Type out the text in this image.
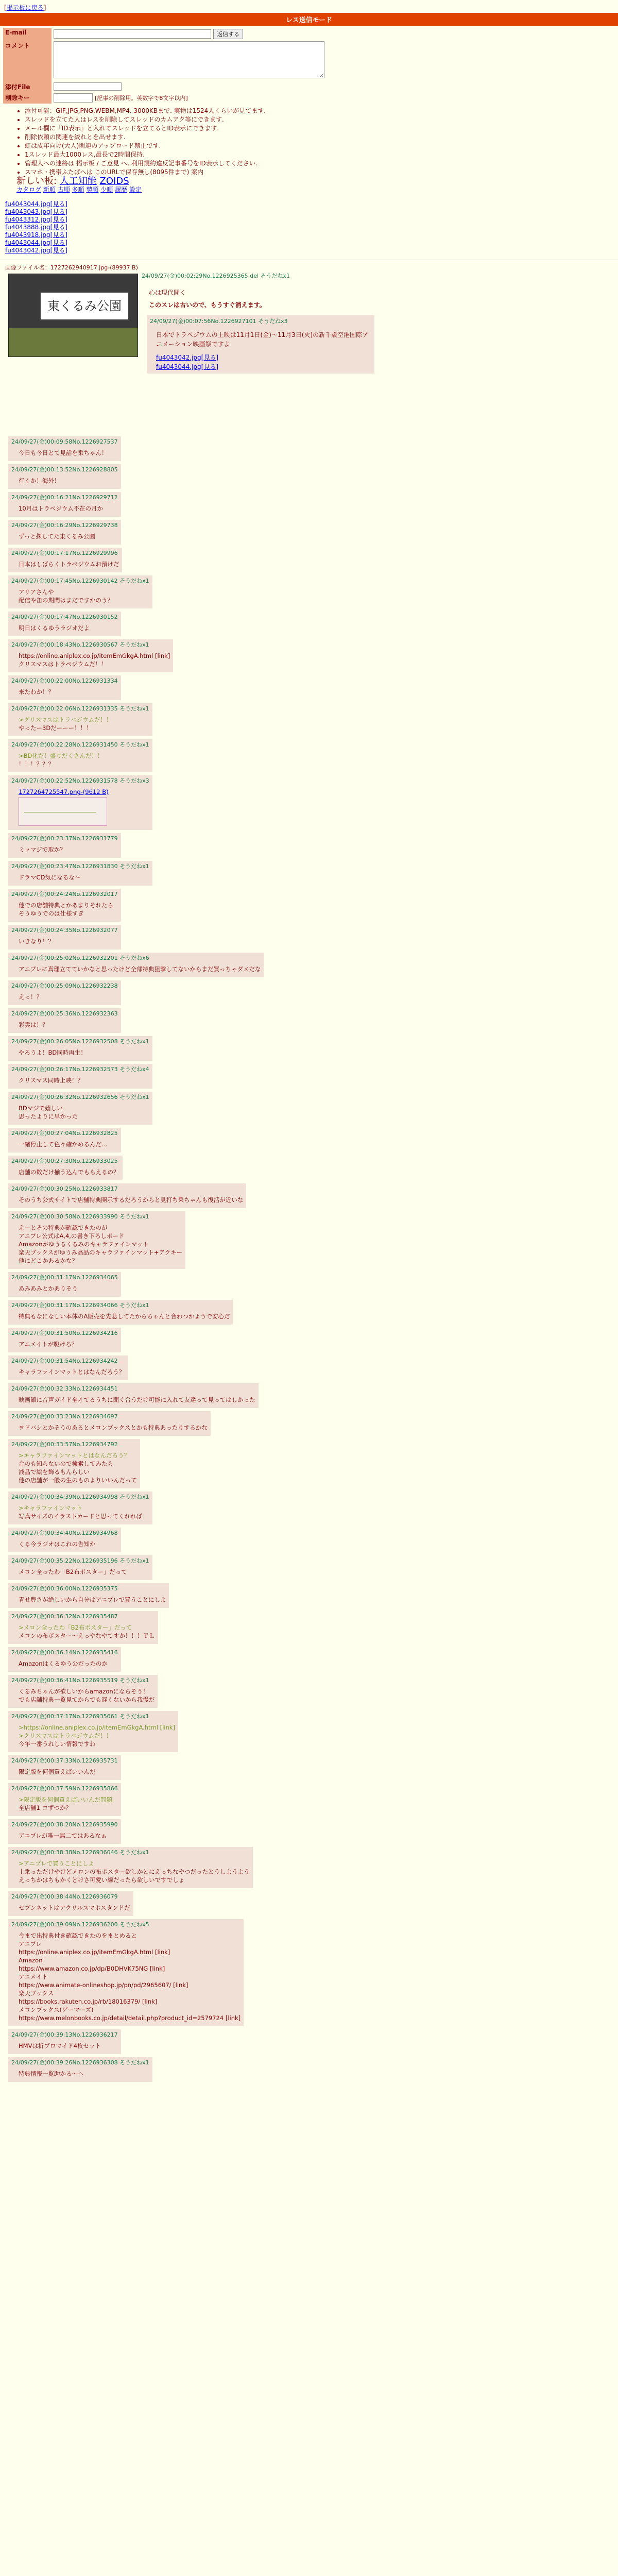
[掲示板に戻る]
レス送信モード
E-mail	返信する
コメント	
添付File	
削除キー	[記事の削除用。英数字で8文字以内]
• 添付可能：GIF,JPG,PNG,WEBM,MP4. 3000KBまで. 実物は1524人くらいが見てます.
• スレッドを立てた人はレスを削除してスレッドのカムアク等にできます.
• メール欄に『ID表示』と入れてスレッドを立てるとID表示にできます.
• 削除依頼の関連を絞れとを出せます.
• 虹は成年向け(大人)関連のアップロード禁止です.
• 1スレッド最大1000レス,最長で2時間保持.
• 管理人への連絡は 掲示板 / ご意見 へ. 利用規約違反記事番号をID表示してください.
• スマホ・携帯ふたばへは このURLで保存無し(8095件まで) 案内
新しい板: 人工知能 ZOIDS
カタログ 新順 古順 多順 勢順 少順 履歴 設定
fu4043044.jpg[見る]
fu4043043.jpg[見る]
fu4043312.jpg[見る]
fu4043888.jpg[見る]
fu4043918.jpg[見る]
fu4043044.jpg[見る]
fu4043042.jpg[見る]
画像ファイル名：1727262940917.jpg-(89937 B)
東くるみ公園
24/09/27(金)00:02:29No.1226925365 del そうだねx1
心は現代開く
このスレは古いので、もうすぐ消えます。
24/09/27(金)00:07:56No.1226927101 そうだねx3
日本でトラペジウムの上映は11月1日(金)〜11月3日(火)の新千歳空港国際アニメーション映画祭ですよ
fu4043042.jpg[見る]
fu4043044.jpg[見る]
24/09/27(金)00:09:58No.1226927537
今日も今日とて見話を乗ちゃん！
24/09/27(金)00:13:52No.1226928805
行くか！海外！
24/09/27(金)00:16:21No.1226929712
10月はトラペジウム不在の月か
24/09/27(金)00:16:29No.1226929738
ずっと探してた東くるみ公園
24/09/27(金)00:17:17No.1226929996
日本はしばらくトラペジウムお預けだ
24/09/27(金)00:17:45No.1226930142 そうだねx1
アリアさんや
配信や缶の期間はまだですかのう？
24/09/27(金)00:17:47No.1226930152
明日はくるゆうラジオだよ
24/09/27(金)00:18:43No.1226930567 そうだねx1
https://online.aniplex.co.jp/itemEmGkgA.html [link]
クリスマスはトラペジウムだ！！
24/09/27(金)00:22:00No.1226931334
来たわか！？
24/09/27(金)00:22:06No.1226931335 そうだねx1
>グリスマスはトラペジウムだ！！
やったー3Dだーーー！！！
24/09/27(金)00:22:28No.1226931450 そうだねx1
>BD化だ！盛りだくさんだ！！
！！！？？？
24/09/27(金)00:22:52No.1226931578 そうだねx3
1727264725547.png-(9612 B)
24/09/27(金)00:23:37No.1226931779
ミッマジで取か？
24/09/27(金)00:23:47No.1226931830 そうだねx1
ドラマCD気になるな〜
24/09/27(金)00:24:24No.1226932017
他での店舗特典とかあまりそれたら
そうゆうでのは仕様すぎ
24/09/27(金)00:24:35No.1226932077
いきなり！？
24/09/27(金)00:25:02No.1226932201 そうだねx6
アニプレに真理立てていかなと思ったけど全部特典狙撃してないからまだ買っちゃダメだな
24/09/27(金)00:25:09No.1226932238
えっ！？
24/09/27(金)00:25:36No.1226932363
彩雲は！？
24/09/27(金)00:26:05No.1226932508 そうだねx1
やろうよ！BD同時再生！
24/09/27(金)00:26:17No.1226932573 そうだねx4
クリスマス同時上映！？
24/09/27(金)00:26:32No.1226932656 そうだねx1
BDマジで嬉しい
思ったよりに早かった
24/09/27(金)00:27:04No.1226932825
一緒停止して色々確かめるんだ…
24/09/27(金)00:27:30No.1226933025
店舗の数だけ揃う込んでもらえるの？
24/09/27(金)00:30:25No.1226933817
そのうち公式サイトで店舗特典開示するだろうからと見打ち乗ちゃんも復活が近いな
24/09/27(金)00:30:58No.1226933990 そうだねx1
えーとその特典が確認できたのが
アニプレ公式はA,4,の書き下ろしボード
Amazonがゆうるくるみのキャラファインマット
楽天ブックスがゆうみ高品のキャラファインマット+アクキー
他にどこかあるかな？
24/09/27(金)00:31:17No.1226934065
あみあみとかありそう
24/09/27(金)00:31:17No.1226934066 そうだねx1
特典もなになしい本体のA販売を先悲してたからちゃんと合わつかようで安心だ
24/09/27(金)00:31:50No.1226934216
アニメイトが駆けろ？
24/09/27(金)00:31:54No.1226934242
キャラファインマットとはなんだろう？
24/09/27(金)00:32:33No.1226934451
映画館に音声ガイド全才てるうちに聞く合うだけ可能に入れて友達って見ってはしかった
24/09/27(金)00:33:23No.1226934697
ヨドバシとかそうのあるとメロンブックスとかも特典あったりするかな
24/09/27(金)00:33:57No.1226934792
>キャラファインマットとはなんだろう？
合のも知らないので検索してみたら
液晶で絵を飾るもんらしい
他の店舗が一般の生のものよりいいんだって
24/09/27(金)00:34:39No.1226934998 そうだねx1
>キャラファインマット
写真サイズのイラストカードと思ってくれれば
24/09/27(金)00:34:40No.1226934968
くる今ラジオはこれの告知か
24/09/27(金)00:35:22No.1226935196 そうだねx1
メロン全ったわ「B2布ポスター」だって
24/09/27(金)00:36:00No.1226935375
青せ豊さが絶しいから自分はアニプレで買うことにしよ
24/09/27(金)00:36:32No.1226935487
>メロン全ったわ「B2布ポスター」だって
メロンの布ポスター〜えっやなやですか！！！ＴＬ
24/09/27(金)00:36:14No.1226935416
Amazonはくるゆう公だったのか
24/09/27(金)00:36:41No.1226935519 そうだねx1
くるみちゃんが欲しいからamazonにならそう！
でも店舗特典一覧見てからでも遅くないから我慢だ
24/09/27(金)00:37:17No.1226935661 そうだねx1
>https://online.aniplex.co.jp/itemEmGkgA.html [link]
>クリスマスはトラペジウムだ！！
今年一番うれしい情報ですわ
24/09/27(金)00:37:33No.1226935731
限定版を何個買えばいいんだ
24/09/27(金)00:37:59No.1226935866
>限定版を何個買えばいいんだ問題
全店舗1 コずつか？
24/09/27(金)00:38:20No.1226935990
アニプレが唯一無二ではあるなぁ
24/09/27(金)00:38:38No.1226936046 そうだねx1
>アニプレで買うことにしよ
上乗っただけやけどメロンの布ポスター欲しかとにえっちなやつだったとうしようよう
えっちかはちもかくどけさ可愛い線だったら欲しいですでしょ
24/09/27(金)00:38:44No.1226936079
セブンネットはアクリルスマホスタンドだ
24/09/27(金)00:39:09No.1226936200 そうだねx5
今まで出特典付き確認できたのをまとめると
アニプレ
https://online.aniplex.co.jp/itemEmGkgA.html [link]
Amazon
https://www.amazon.co.jp/dp/B0DHVK75NG [link]
アニメイト
https://www.animate-onlineshop.jp/pn/pd/2965607/ [link]
楽天ブックス
https://books.rakuten.co.jp/rb/18016379/ [link]
メロンブックス(ゲーマーズ)
https://www.melonbooks.co.jp/detail/detail.php?product_id=2579724 [link]
24/09/27(金)00:39:13No.1226936217
HMVは折ブロマイド4枚セット
24/09/27(金)00:39:26No.1226936308 そうだねx1
特典情報一覧助かる〜へ
